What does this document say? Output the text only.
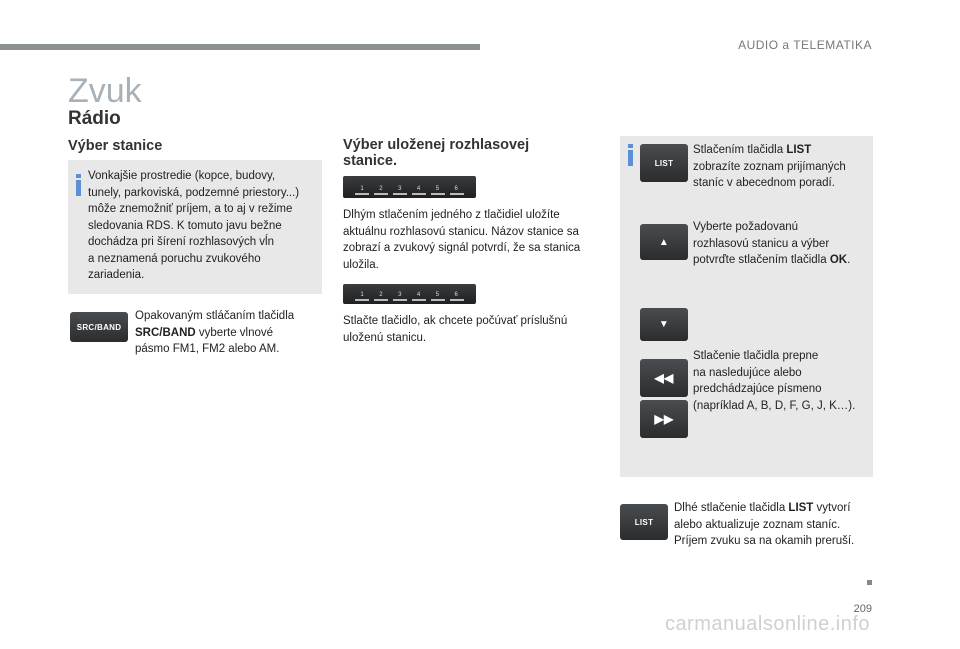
AUDIO a TELEMATIKA
Zvuk
Rádio
Výber stanice
Vonkajšie prostredie (kopce, budovy,
tunely, parkoviská, podzemné priestory...)
môže znemožniť príjem, a to aj v režime
sledovania RDS. K tomuto javu bežne
dochádza pri šírení rozhlasových vĺn
a neznamená poruchu zvukového
zariadenia.
SRC/BAND
Opakovaným stláčaním tlačidla
SRC/BAND vyberte vlnové
pásmo FM1, FM2 alebo AM.
Výber uloženej rozhlasovej
stanice.
1	2	3	4	5	6
Dlhým stlačením jedného z tlačidiel uložíte
aktuálnu rozhlasovú stanicu. Názov stanice sa
zobrazí a zvukový signál potvrdí, že sa stanica
uložila.
1	2	3	4	5	6
Stlačte tlačidlo, ak chcete počúvať príslušnú
uloženú stanicu.
LIST
Stlačením tlačidla LIST
zobrazíte zoznam prijímaných
staníc v abecednom poradí.
▲
Vyberte požadovanú
rozhlasovú stanicu a výber
potvrďte stlačením tlačidla OK.
▼
◀◀
▶▶
Stlačenie tlačidla prepne
na nasledujúce alebo
predchádzajúce písmeno
(napríklad A, B, D, F, G, J, K…).
LIST
Dlhé stlačenie tlačidla LIST vytvorí
alebo aktualizuje zoznam staníc.
Príjem zvuku sa na okamih preruší.
209
carmanualsonline.info
